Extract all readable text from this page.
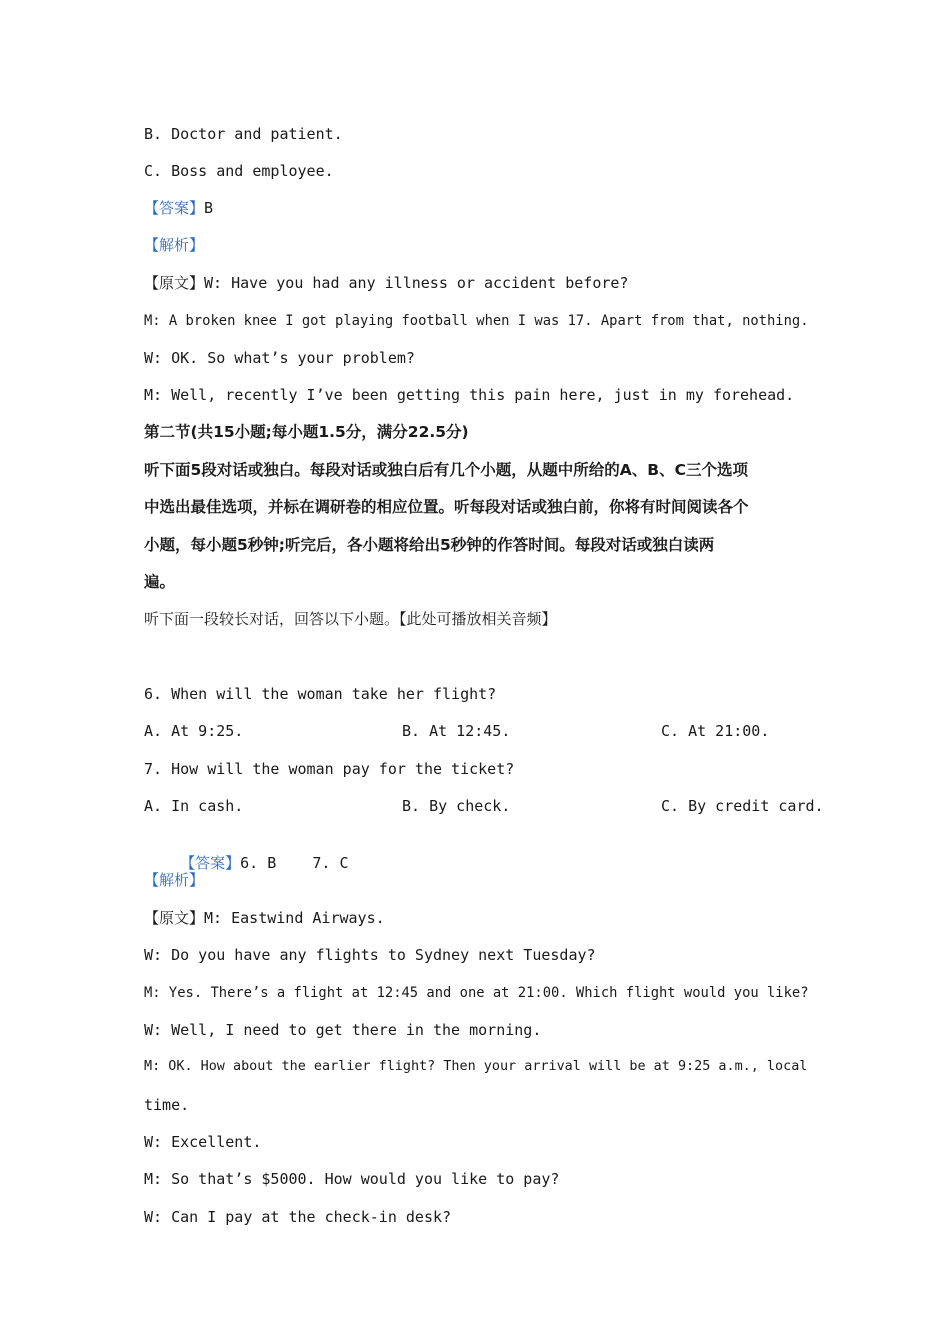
B. Doctor and patient.
C. Boss and employee.
【答案】B
【解析】
【原文】W: Have you had any illness or accident before?
M: A broken knee I got playing football when I was 17. Apart from that, nothing.
W: OK. So what’s your problem?
M: Well, recently I’ve been getting this pain here, just in my forehead.
第二节(共15小题;每小题1.5分，满分22.5分)
听下面5段对话或独白。每段对话或独白后有几个小题，从题中所给的A、B、C三个选项
中选出最佳选项，并标在调研卷的相应位置。听每段对话或独白前，你将有时间阅读各个
小题，每小题5秒钟;听完后，各小题将给出5秒钟的作答时间。每段对话或独白读两
遍。
听下面一段较长对话，回答以下小题。【此处可播放相关音频】
6. When will the woman take her flight?
A. At 9:25.	B. At 12:45.	C. At 21:00.
7. How will the woman pay for the ticket?
A. In cash.	B. By check.	C. By credit card.

【答案】6. B    7. C

【解析】
【原文】M: Eastwind Airways.
W: Do you have any flights to Sydney next Tuesday?
M: Yes. There’s a flight at 12:45 and one at 21:00. Which flight would you like?
W: Well, I need to get there in the morning.
M: OK. How about the earlier flight? Then your arrival will be at 9:25 a.m., local
time.
W: Excellent.
M: So that’s $5000. How would you like to pay?
W: Can I pay at the check-in desk?
